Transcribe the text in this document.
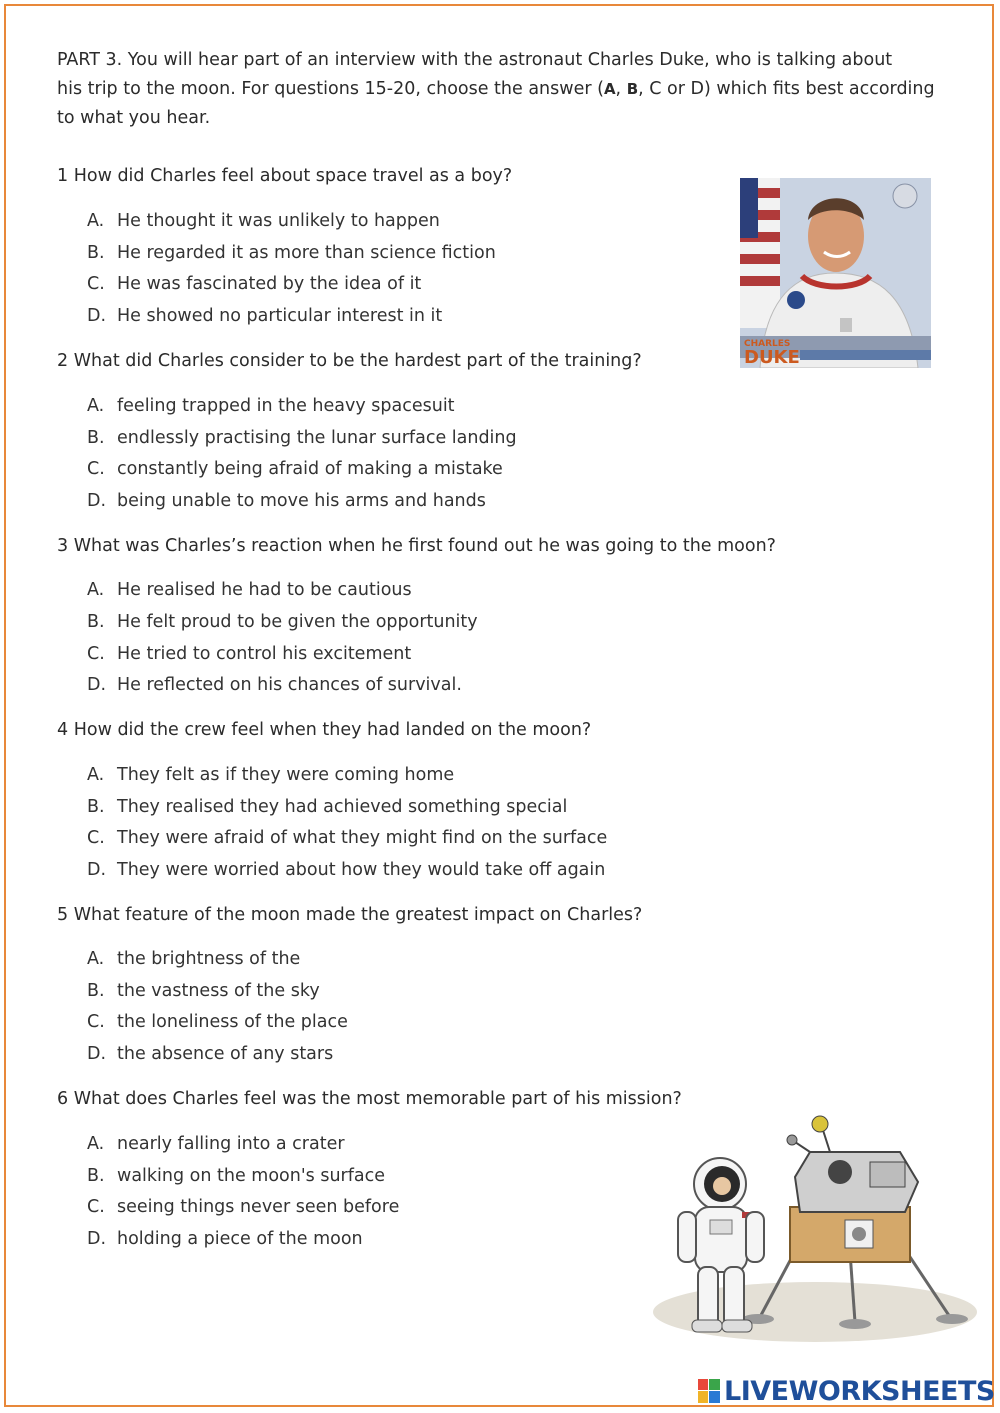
PART 3. You will hear part of an interview with the astronaut Charles Duke, who is talking about
his trip to the moon. For questions 15-20, choose the answer (A, B, C or D) which fits best according
to what you hear.
1 How did Charles feel about space travel as a boy?
A. He thought it was unlikely to happen
B. He regarded it as more than science fiction
C. He was fascinated by the idea of it
D. He showed no particular interest in it
2 What did Charles consider to be the hardest part of the training?
A. feeling trapped in the heavy spacesuit
B. endlessly practising the lunar surface landing
C. constantly being afraid of making a mistake
D. being unable to move his arms and hands
3 What was Charles’s reaction when he first found out he was going to the moon?
A. He realised he had to be cautious
B. He felt proud to be given the opportunity
C. He tried to control his excitement
D. He reflected on his chances of survival.
4 How did the crew feel when they had landed on the moon?
A. They felt as if they were coming home
B. They realised they had achieved something special
C. They were afraid of what they might find on the surface
D. They were worried about how they would take off again
5 What feature of the moon made the greatest impact on Charles?
A. the brightness of the
B. the vastness of the sky
C. the loneliness of the place
D. the absence of any stars
6 What does Charles feel was the most memorable part of his mission?
A. nearly falling into a crater
B. walking on the moon's surface
C. seeing things never seen before
D. holding a piece of the moon
CHARLES
DUKE
LIVEWORKSHEETS
